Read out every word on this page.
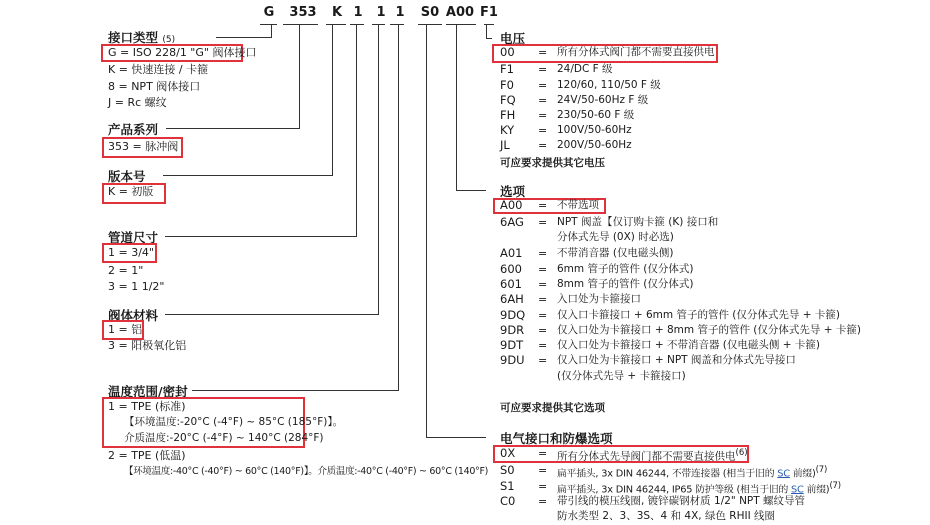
G 353	K 1 1 1 S0 A00 F1
接口类型 (5)
G = ISO 228/1 "G" 阀体接口
K = 快速连接 / 卡箍
8 = NPT 阀体接口
J = Rc 螺纹
产品系列
353 = 脉冲阀
版本号
K = 初版
管道尺寸
1 = 3/4"
2 = 1"
3 = 1 1/2"
阀体材料
1 = 铝
3 = 阳极氧化铝
温度范围/密封
1 = TPE (标准)
【环境温度:-20°C (-4°F) ~ 85°C (185°F)】。
介质温度:-20°C (-4°F) ~ 140°C (284°F)
2 = TPE (低温)
【环境温度:-40°C (-40°F) ~ 60°C (140°F)】。介质温度:-40°C (-40°F) ~ 60°C (140°F)
电压
00	= 所有分体式阀门都不需要直接供电
F1	= 24/DC F 级
F0	= 120/60, 110/50 F 级
FQ	= 24V/50-60Hz F 级
FH	= 230/50-60 F 级
KY	= 100V/50-60Hz
JL	= 200V/50-60Hz
可应要求提供其它电压
选项
A00	= 不带选项
6AG	= NPT 阀盖【仅订购卡箍 (K) 接口和
分体式先导 (0X) 时必选)
A01	= 不带消音器 (仅电磁头侧)
600	= 6mm 管子的管件 (仅分体式)
601	= 8mm 管子的管件 (仅分体式)
6AH	= 入口处为卡箍接口
9DQ	= 仅入口卡箍接口 + 6mm 管子的管件 (仅分体式先导 + 卡箍)
9DR	= 仅入口处为卡箍接口 + 8mm 管子的管件 (仅分体式先导 + 卡箍)
9DT	= 仅入口处为卡箍接口 + 不带消音器 (仅电磁头侧 + 卡箍)
9DU	= 仅入口处为卡箍接口 + NPT 阀盖和分体式先导接口
(仅分体式先导 + 卡箍接口)
可应要求提供其它选项
电气接口和防爆选项
0X	= 所有分体式先导阀门都不需要直接供电$^{(6)}$
S0	= 扁平插头, 3x DIN 46244, 不带连接器 (相当于旧的 SC 前缀)(7)
S1	= 扁平插头, 3x DIN 46244, IP65 防护等级 (相当于旧的 SC 前缀)(7)
C0	= 带引线的模压线圈, 镀锌碳钢材质 1/2" NPT 螺纹导管
防水类型 2、3、3S、4 和 4X, 绿色 RHII 线圈
